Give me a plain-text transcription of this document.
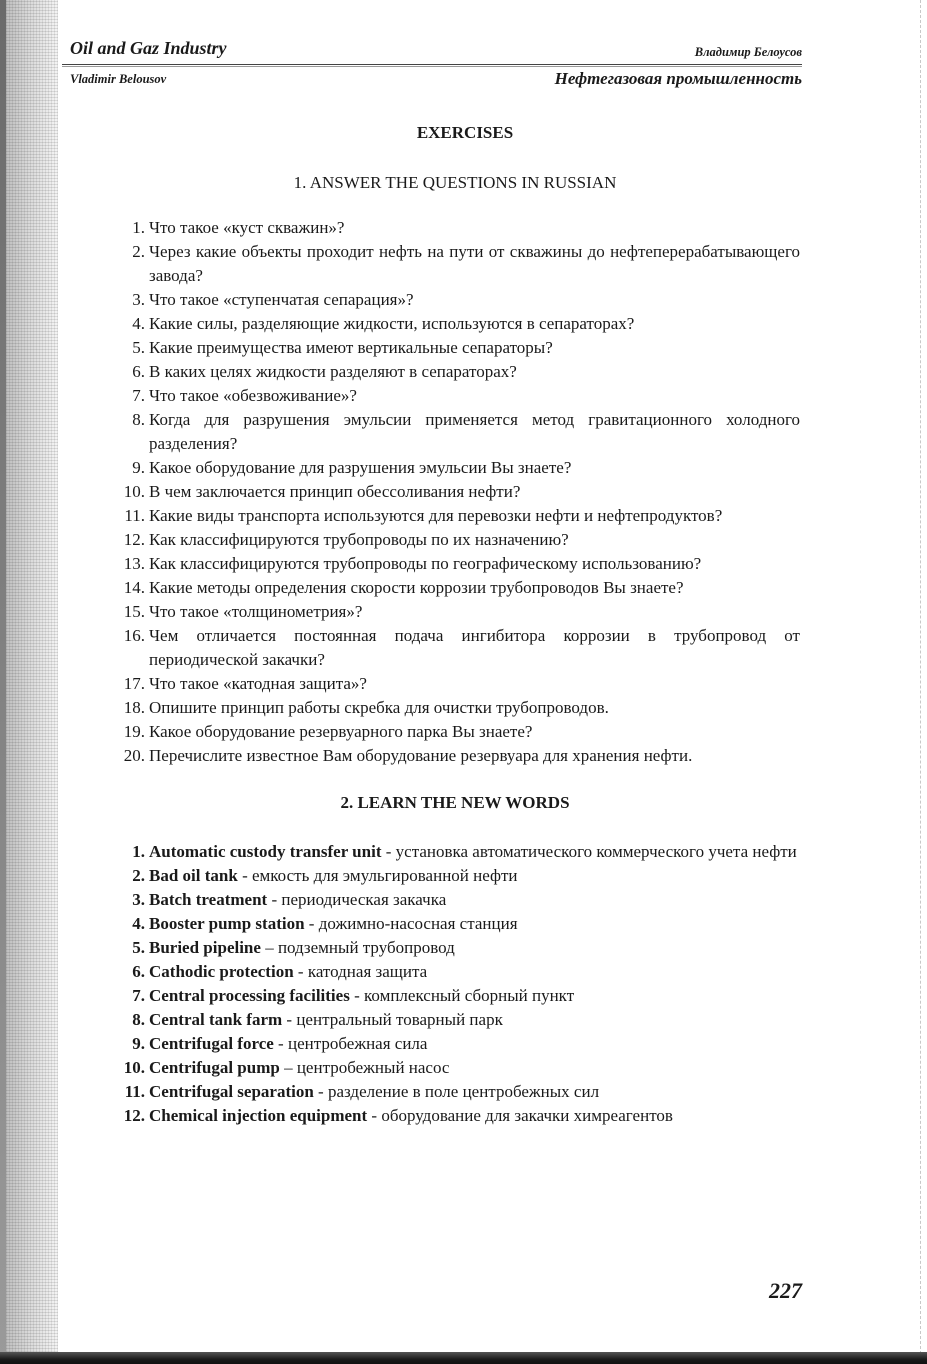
Oil and Gaz Industry	Владимир Белоусов
Vladimir Belousov	Нефтегазовая промышленность
EXERCISES
1. ANSWER THE QUESTIONS IN RUSSIAN
1. Что такое «куст скважин»?
2. Через какие объекты проходит нефть на пути от скважины до нефтеперерабатывающего завода?
3. Что такое «ступенчатая сепарация»?
4. Какие силы, разделяющие жидкости, используются в сепараторах?
5. Какие преимущества имеют вертикальные сепараторы?
6. В каких целях жидкости разделяют в сепараторах?
7. Что такое «обезвоживание»?
8. Когда для разрушения эмульсии применяется метод гравитационного холодного разделения?
9. Какое оборудование для разрушения эмульсии Вы знаете?
10. В чем заключается принцип обессоливания нефти?
11. Какие виды транспорта используются для перевозки нефти и нефтепродуктов?
12. Как классифицируются трубопроводы по их назначению?
13. Как классифицируются трубопроводы по географическому использованию?
14. Какие методы определения скорости коррозии трубопроводов Вы знаете?
15. Что такое «толщинометрия»?
16. Чем отличается постоянная подача ингибитора коррозии в трубопровод от периодической закачки?
17. Что такое «катодная защита»?
18. Опишите принцип работы скребка для очистки трубопроводов.
19. Какое оборудование резервуарного парка Вы знаете?
20. Перечислите известное Вам оборудование резервуара для хранения нефти.
2. LEARN THE NEW WORDS
1. Automatic custody transfer unit - установка автоматического коммерческого учета нефти
2. Bad oil tank - емкость для эмульгированной нефти
3. Batch treatment - периодическая закачка
4. Booster pump station - дожимно-насосная станция
5. Buried pipeline – подземный трубопровод
6. Cathodic protection - катодная защита
7. Central processing facilities - комплексный сборный пункт
8. Central tank farm - центральный товарный парк
9. Centrifugal force - центробежная сила
10. Centrifugal pump – центробежный насос
11. Centrifugal separation - разделение в поле центробежных сил
12. Chemical injection equipment - оборудование для закачки химреагентов
227
